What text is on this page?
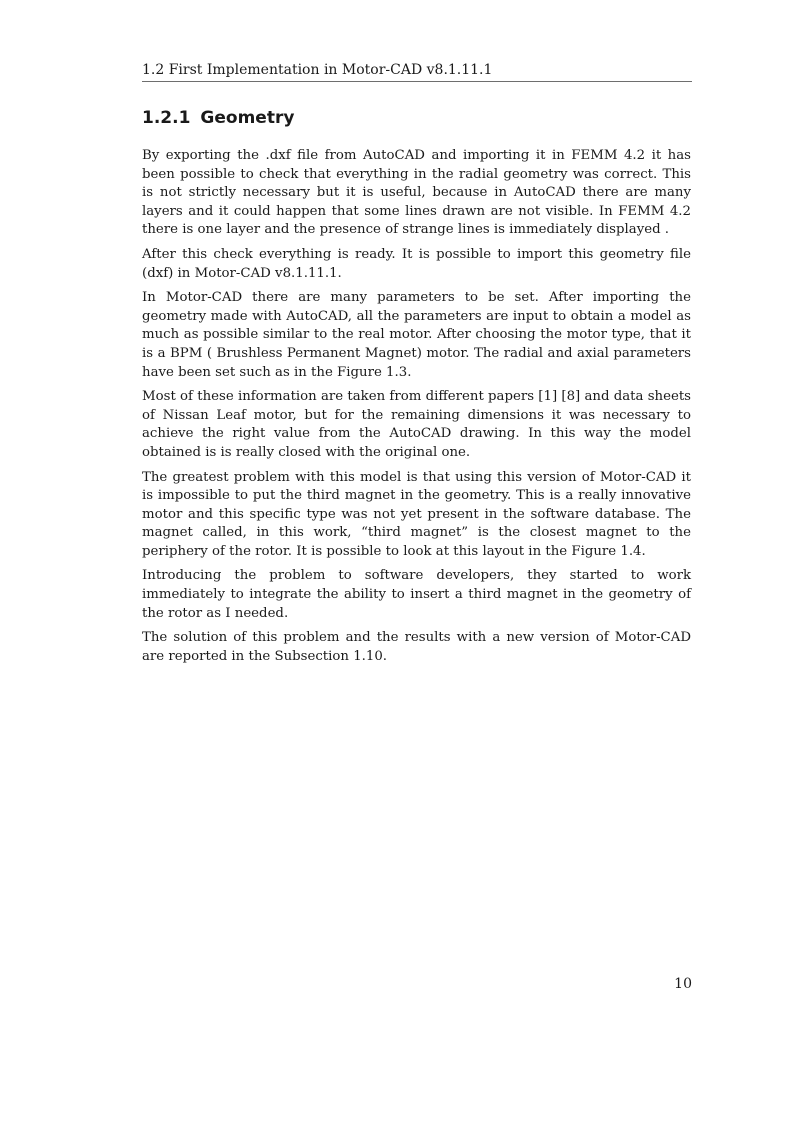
1.2 First Implementation in Motor-CAD v8.1.11.1
1.2.1 Geometry

By exporting the .dxf file from AutoCAD and importing it in FEMM 4.2 it has been possible to check that everything in the radial geometry was correct. This is not strictly necessary but it is useful, because in AutoCAD there are many layers and it could happen that some lines drawn are not visible. In FEMM 4.2 there is one layer and the presence of strange lines is immediately displayed .

After this check everything is ready. It is possible to import this geometry file (dxf) in Motor-CAD v8.1.11.1.

In Motor-CAD there are many parameters to be set. After importing the geometry made with AutoCAD, all the parameters are input to obtain a model as much as possible similar to the real motor. After choosing the motor type, that it is a BPM ( Brushless Permanent Magnet) motor. The radial and axial parameters have been set such as in the Figure 1.3.

Most of these information are taken from different papers [1] [8] and data sheets of Nissan Leaf motor, but for the remaining dimensions it was necessary to achieve the right value from the AutoCAD drawing. In this way the model obtained is is really closed with the original one.

The greatest problem with this model is that using this version of Motor-CAD it is impossible to put the third magnet in the geometry. This is a really innovative motor and this specific type was not yet present in the software database. The magnet called, in this work, “third magnet” is the closest magnet to the periphery of the rotor. It is possible to look at this layout in the Figure 1.4.

Introducing the problem to software developers, they started to work immediately to integrate the ability to insert a third magnet in the geometry of the rotor as I needed.

The solution of this problem and the results with a new version of Motor-CAD are reported in the Subsection 1.10.

10
